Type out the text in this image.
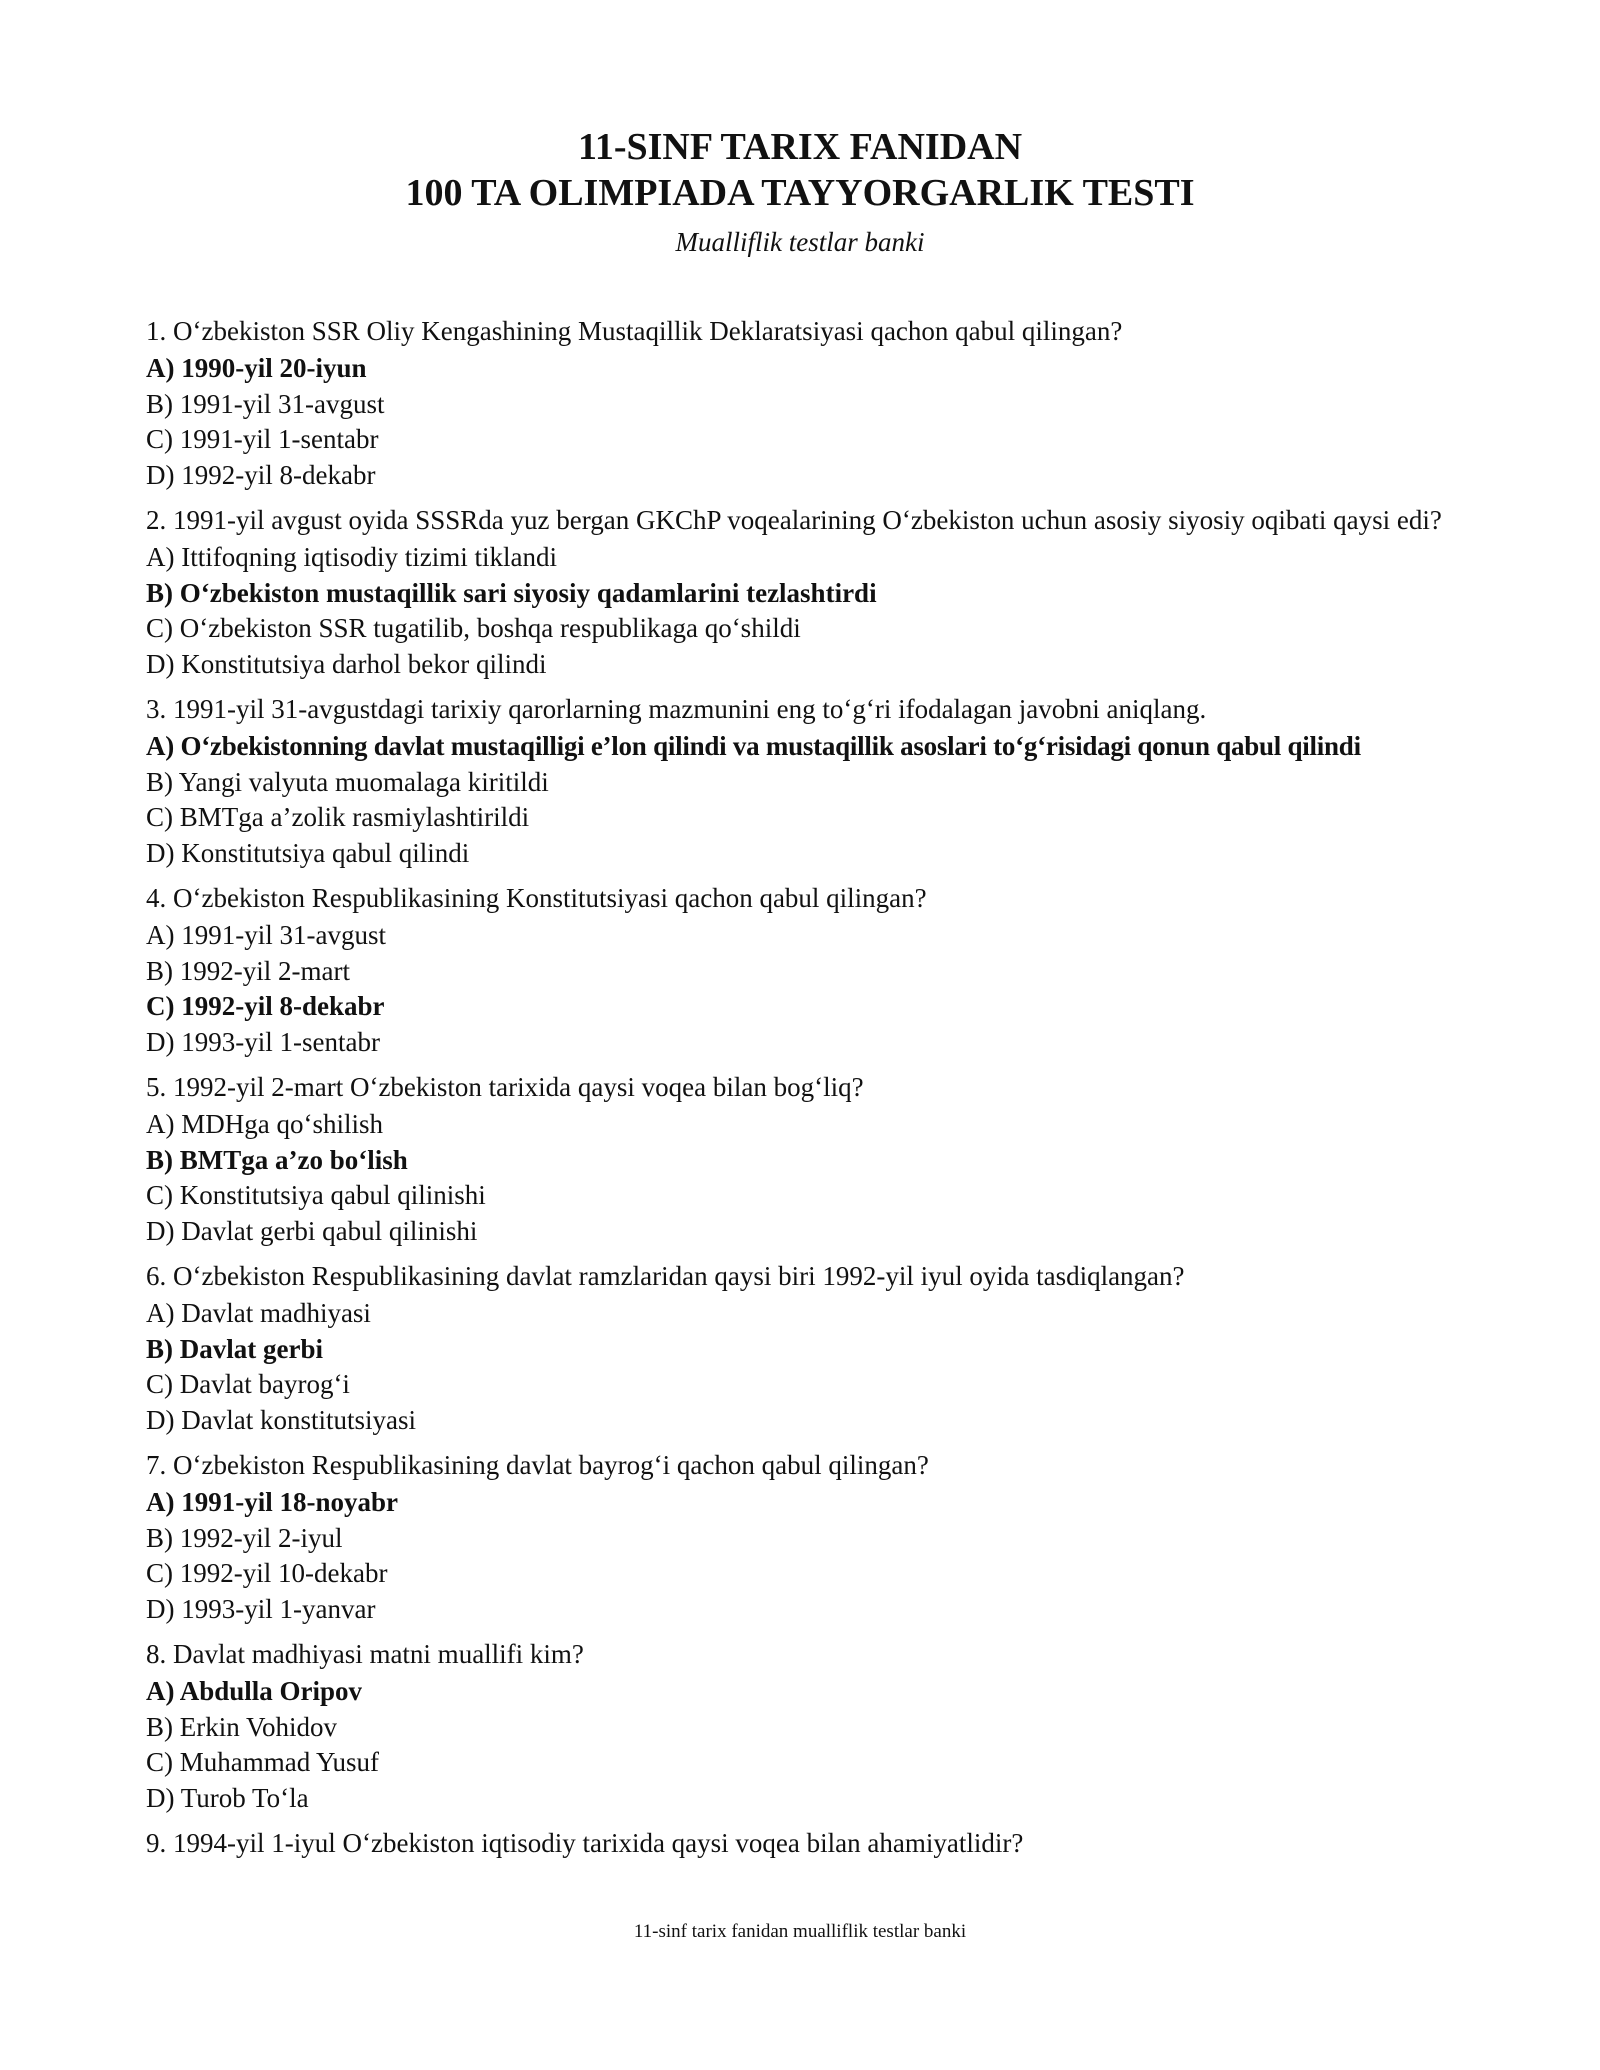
11-SINF TARIX FANIDAN
100 TA OLIMPIADA TAYYORGARLIK TESTI
Mualliflik testlar banki
1. O‘zbekiston SSR Oliy Kengashining Mustaqillik Deklaratsiyasi qachon qabul qilingan?
A) 1990-yil 20-iyun
B) 1991-yil 31-avgust
C) 1991-yil 1-sentabr
D) 1992-yil 8-dekabr
2. 1991-yil avgust oyida SSSRda yuz bergan GKChP voqealarining O‘zbekiston uchun asosiy siyosiy oqibati qaysi edi?
A) Ittifoqning iqtisodiy tizimi tiklandi
B) O‘zbekiston mustaqillik sari siyosiy qadamlarini tezlashtirdi
C) O‘zbekiston SSR tugatilib, boshqa respublikaga qo‘shildi
D) Konstitutsiya darhol bekor qilindi
3. 1991-yil 31-avgustdagi tarixiy qarorlarning mazmunini eng to‘g‘ri ifodalagan javobni aniqlang.
A) O‘zbekistonning davlat mustaqilligi e’lon qilindi va mustaqillik asoslari to‘g‘risidagi qonun qabul qilindi
B) Yangi valyuta muomalaga kiritildi
C) BMTga a’zolik rasmiylashtirildi
D) Konstitutsiya qabul qilindi
4. O‘zbekiston Respublikasining Konstitutsiyasi qachon qabul qilingan?
A) 1991-yil 31-avgust
B) 1992-yil 2-mart
C) 1992-yil 8-dekabr
D) 1993-yil 1-sentabr
5. 1992-yil 2-mart O‘zbekiston tarixida qaysi voqea bilan bog‘liq?
A) MDHga qo‘shilish
B) BMTga a’zo bo‘lish
C) Konstitutsiya qabul qilinishi
D) Davlat gerbi qabul qilinishi
6. O‘zbekiston Respublikasining davlat ramzlaridan qaysi biri 1992-yil iyul oyida tasdiqlangan?
A) Davlat madhiyasi
B) Davlat gerbi
C) Davlat bayrog‘i
D) Davlat konstitutsiyasi
7. O‘zbekiston Respublikasining davlat bayrog‘i qachon qabul qilingan?
A) 1991-yil 18-noyabr
B) 1992-yil 2-iyul
C) 1992-yil 10-dekabr
D) 1993-yil 1-yanvar
8. Davlat madhiyasi matni muallifi kim?
A) Abdulla Oripov
B) Erkin Vohidov
C) Muhammad Yusuf
D) Turob To‘la
9. 1994-yil 1-iyul O‘zbekiston iqtisodiy tarixida qaysi voqea bilan ahamiyatlidir?
11-sinf tarix fanidan mualliflik testlar banki
